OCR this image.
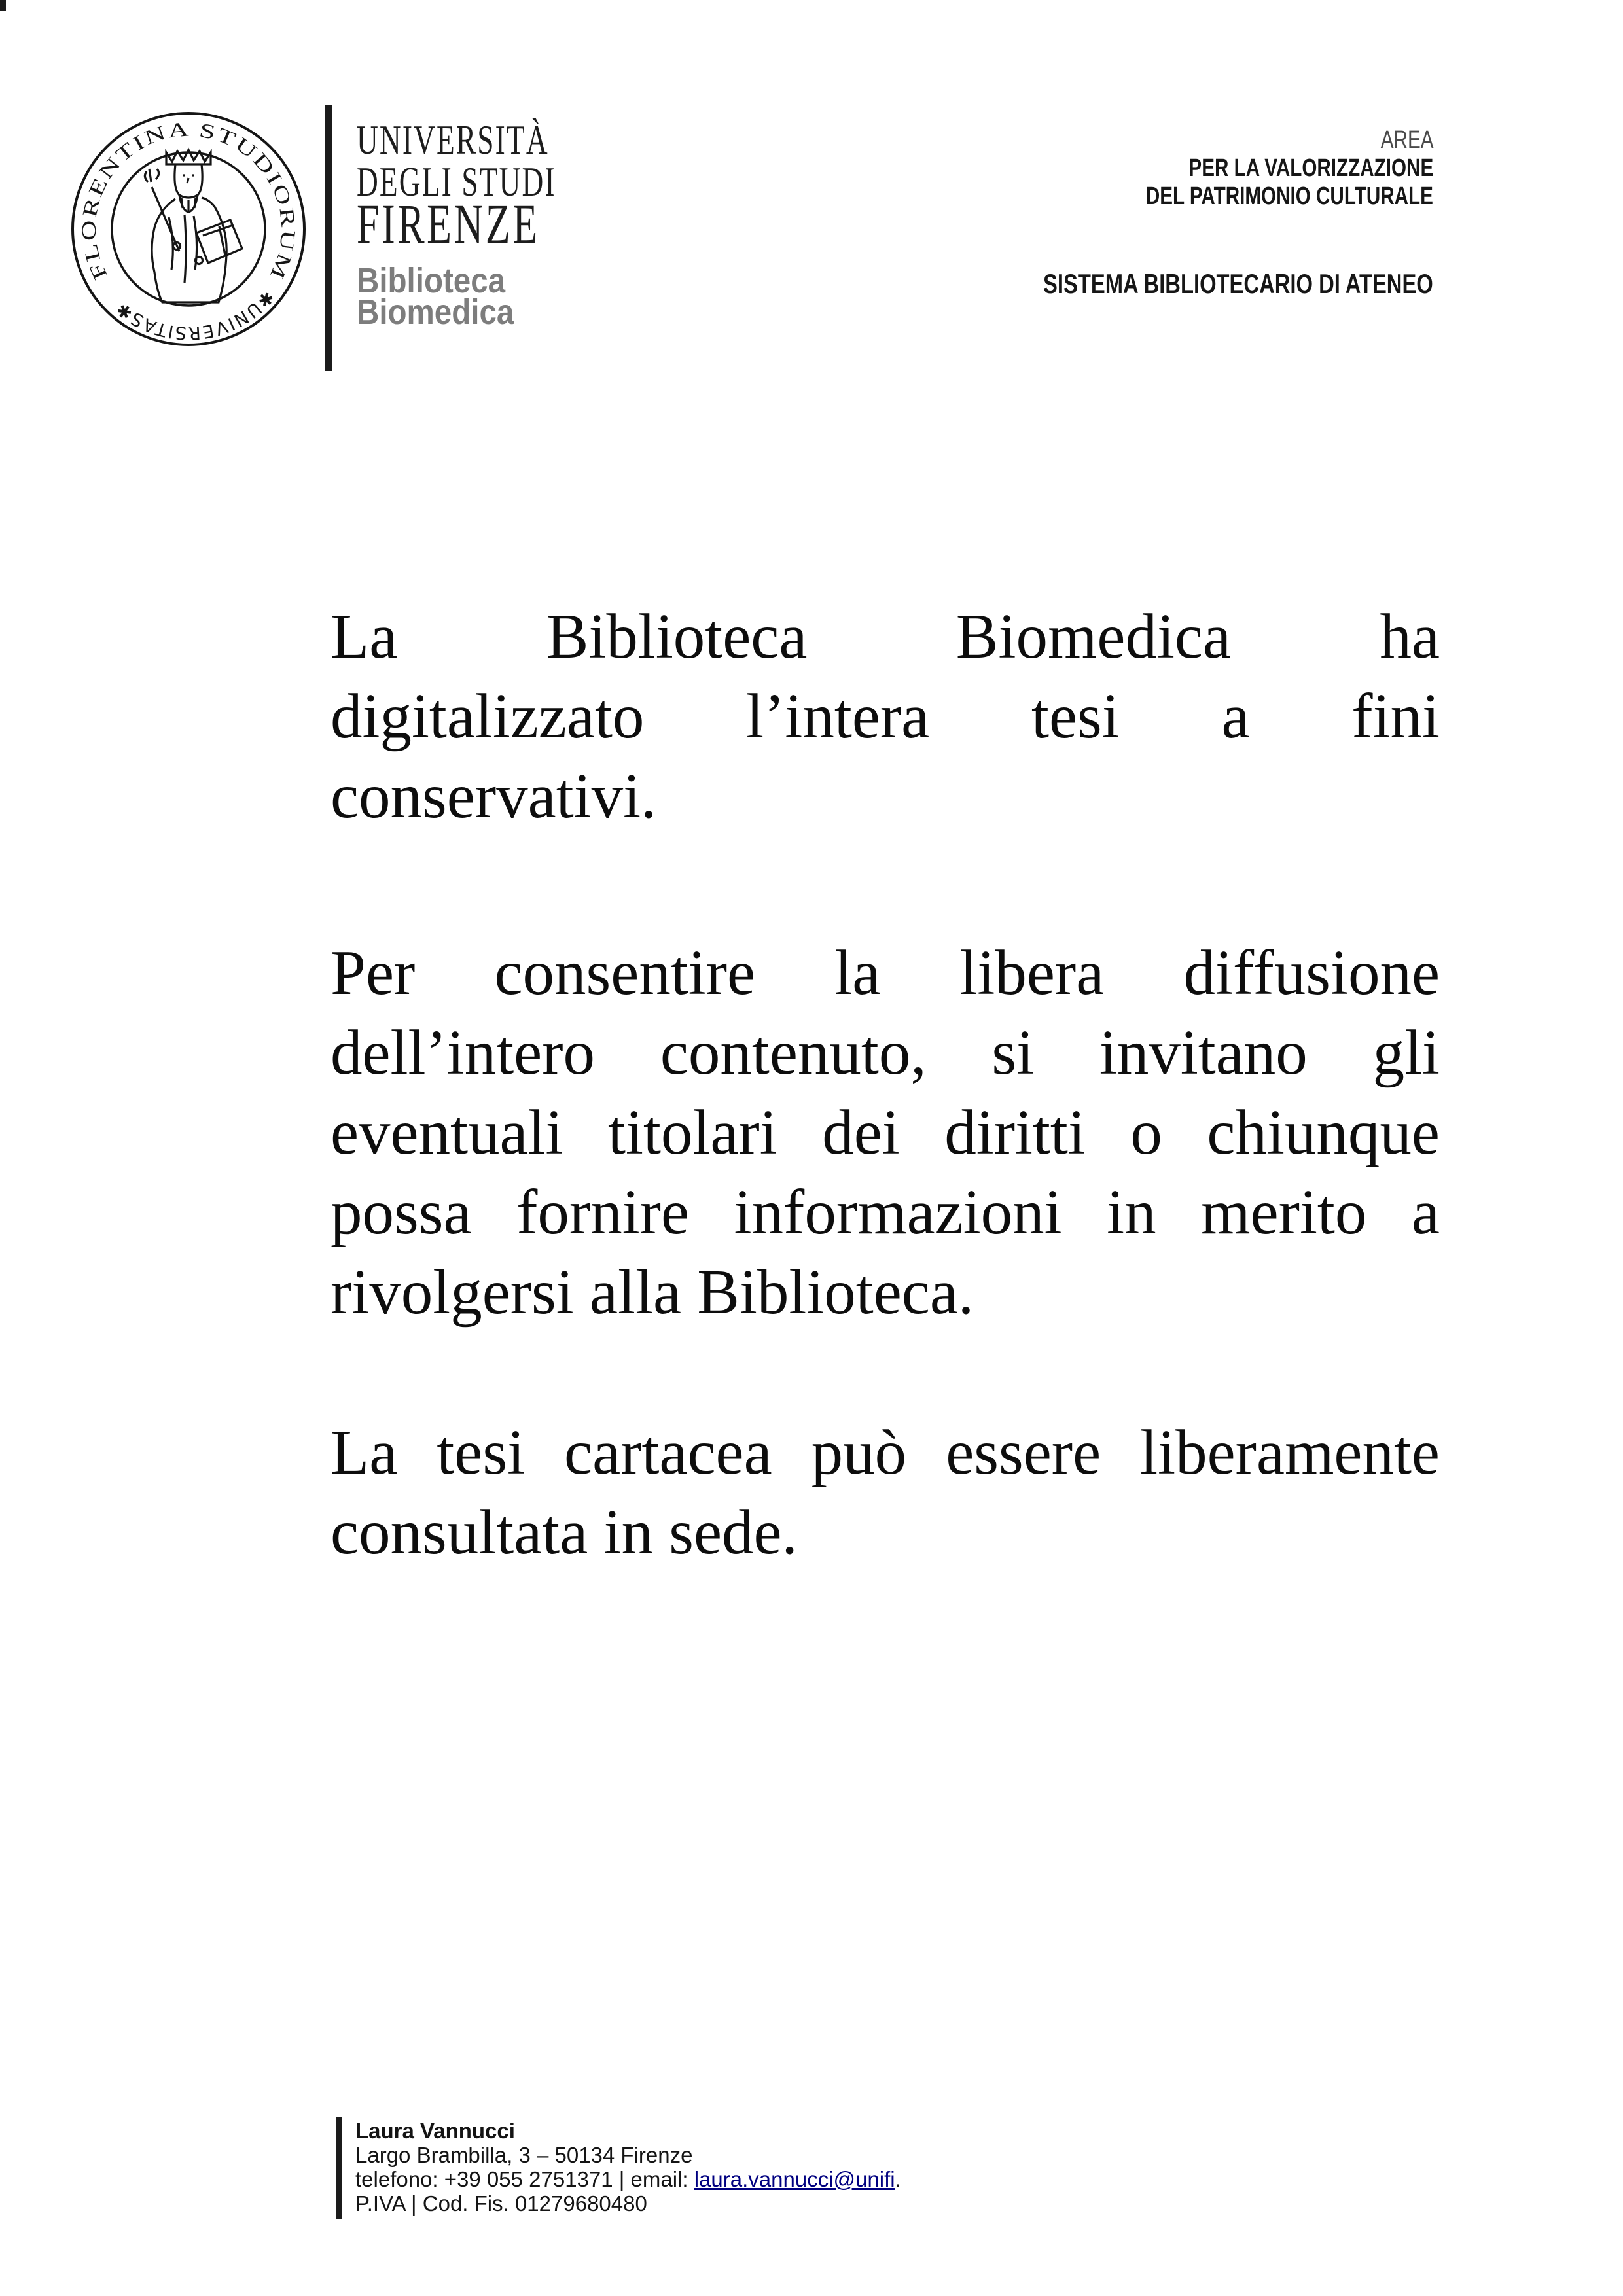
FLORENTINA STUDIORUM
✱UNIVERSITAS✱
UNIVERSITÀ
DEGLI STUDI
FIRENZE
Biblioteca
Biomedica
AREA
PER LA VALORIZZAZIONE
DEL PATRIMONIO CULTURALE
SISTEMA BIBLIOTECARIO DI ATENEO
La Biblioteca Biomedica ha
digitalizzato l’intera tesi a fini
conservativi.
Per consentire la libera diffusione
dell’intero contenuto, si invitano gli
eventuali titolari dei diritti o chiunque
possa fornire informazioni in merito a
rivolgersi alla Biblioteca.
La tesi cartacea può essere liberamente
consultata in sede.
Laura Vannucci
Largo Brambilla, 3 – 50134 Firenze
telefono: +39 055 2751371 | email: laura.vannucci@unifi.
P.IVA | Cod. Fis. 01279680480
